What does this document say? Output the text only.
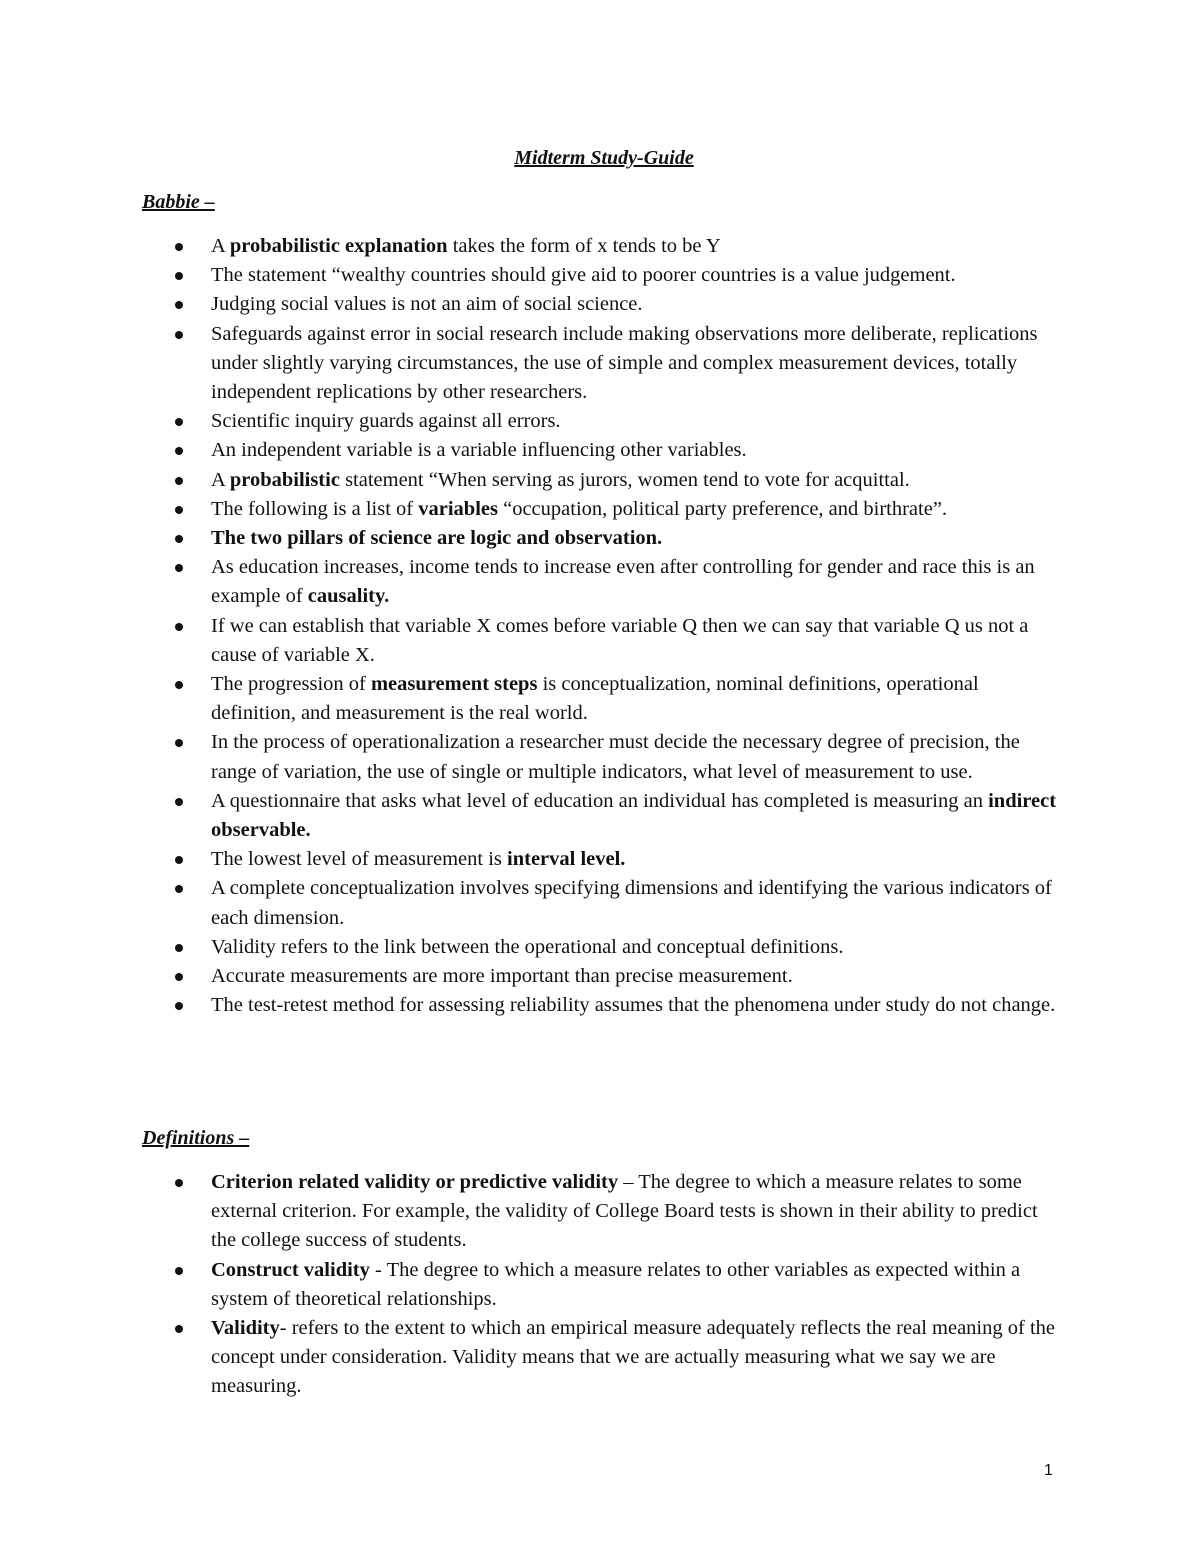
Midterm Study-Guide
Babbie –
A probabilistic explanation takes the form of x tends to be Y
The statement “wealthy countries should give aid to poorer countries is a value judgement.
Judging social values is not an aim of social science.
Safeguards against error in social research include making observations more deliberate, replications under slightly varying circumstances, the use of simple and complex measurement devices, totally independent replications by other researchers.
Scientific inquiry guards against all errors.
An independent variable is a variable influencing other variables.
A probabilistic statement “When serving as jurors, women tend to vote for acquittal.
The following is a list of variables “occupation, political party preference, and birthrate”.
The two pillars of science are logic and observation.
As education increases, income tends to increase even after controlling for gender and race this is an example of causality.
If we can establish that variable X comes before variable Q then we can say that variable Q us not a cause of variable X.
The progression of measurement steps is conceptualization, nominal definitions, operational definition, and measurement is the real world.
In the process of operationalization a researcher must decide the necessary degree of precision, the range of variation, the use of single or multiple indicators, what level of measurement to use.
A questionnaire that asks what level of education an individual has completed is measuring an indirect observable.
The lowest level of measurement is interval level.
A complete conceptualization involves specifying dimensions and identifying the various indicators of each dimension.
Validity refers to the link between the operational and conceptual definitions.
Accurate measurements are more important than precise measurement.
The test-retest method for assessing reliability assumes that the phenomena under study do not change.
Definitions –
Criterion related validity or predictive validity – The degree to which a measure relates to some external criterion. For example, the validity of College Board tests is shown in their ability to predict the college success of students.
Construct validity - The degree to which a measure relates to other variables as expected within a system of theoretical relationships.
Validity- refers to the extent to which an empirical measure adequately reflects the real meaning of the concept under consideration. Validity means that we are actually measuring what we say we are measuring.
1
